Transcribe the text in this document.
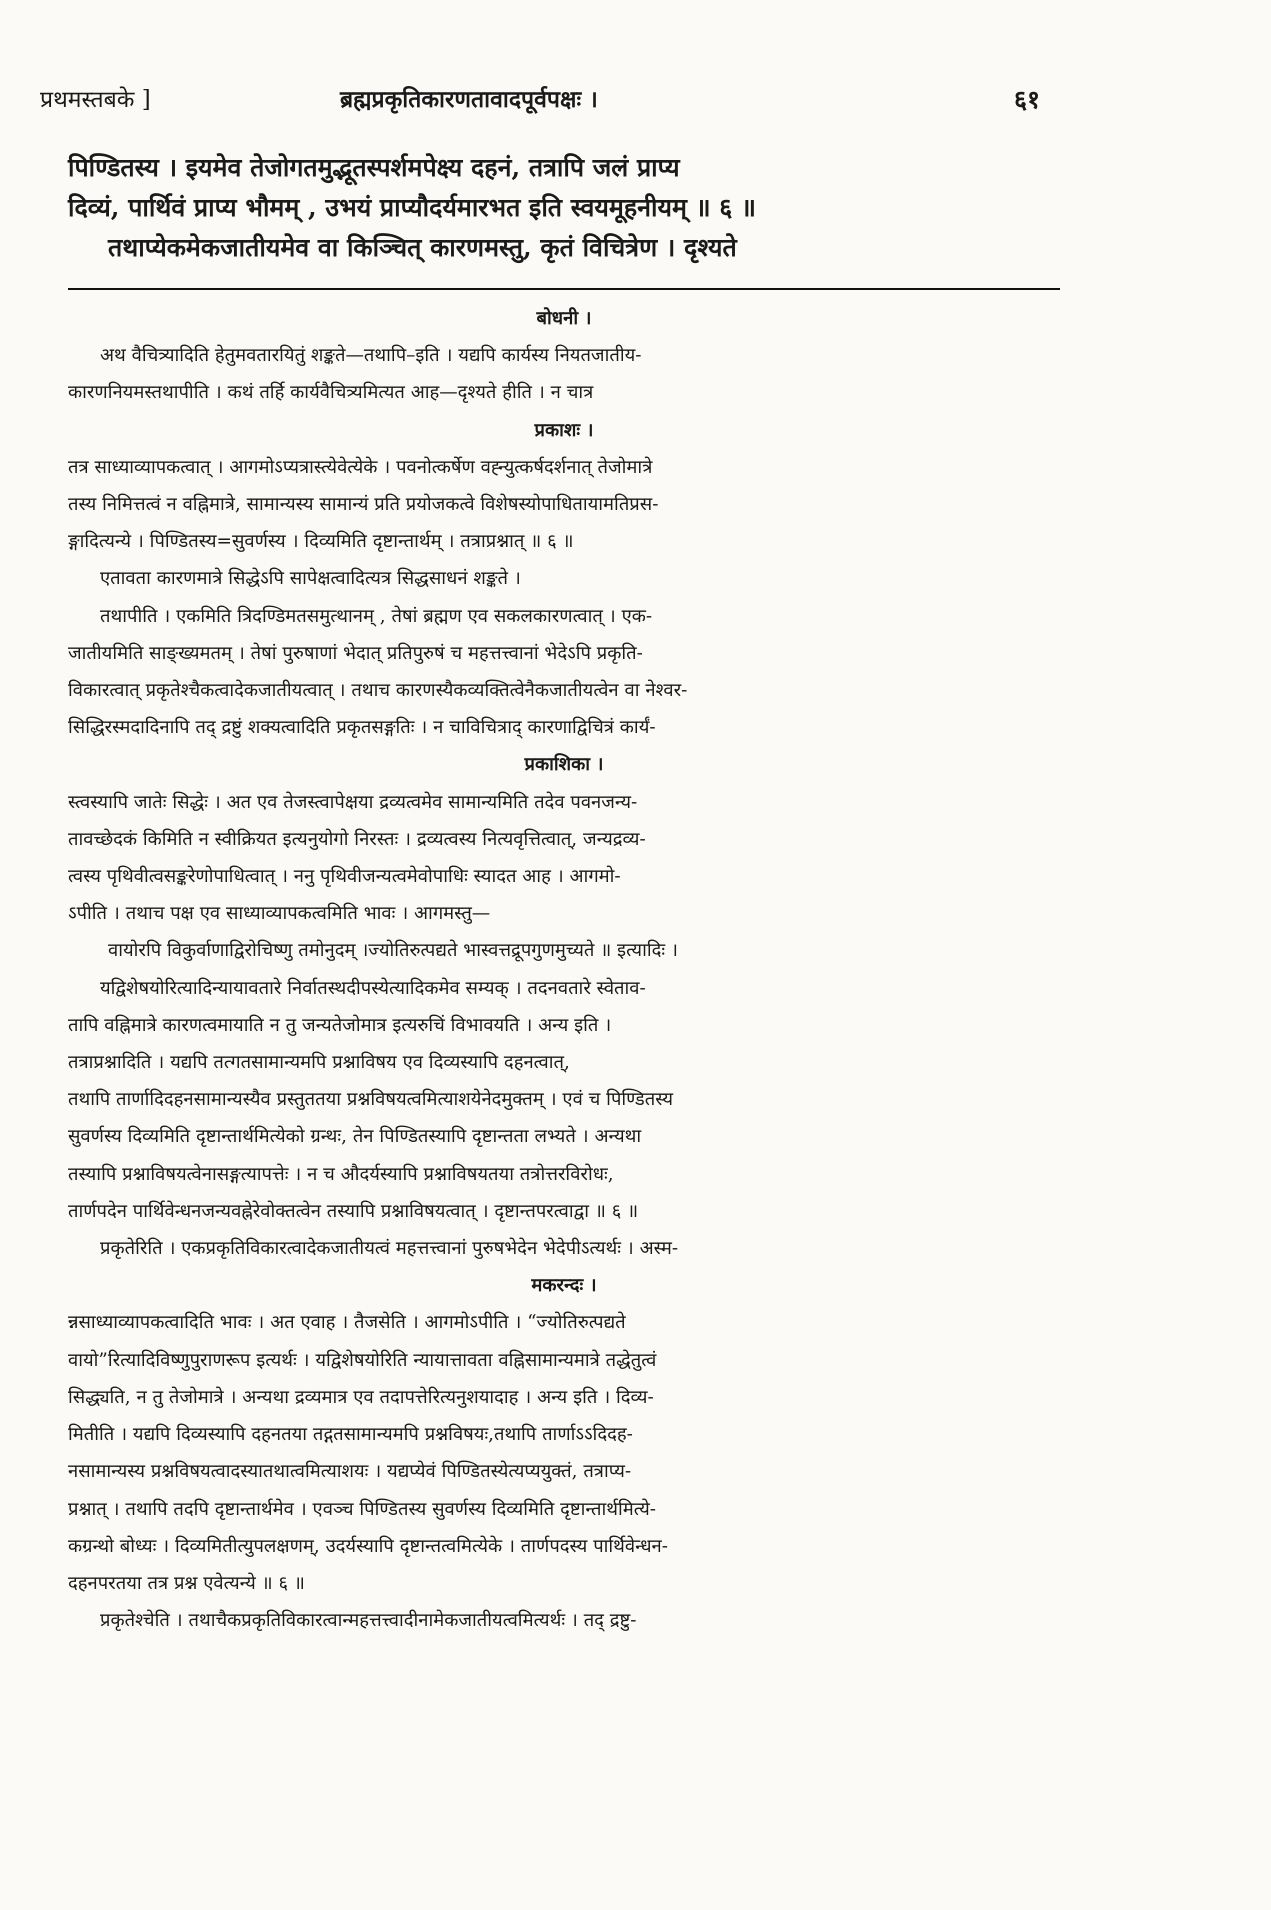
प्रथमस्तबके ]	ब्रह्मप्रकृतिकारणतावादपूर्वपक्षः ।	६१
पिण्डितस्य । इयमेव तेजोगतमुद्भूतस्पर्शमपेक्ष्य दहनं, तत्रापि जलं प्राप्य
दिव्यं, पार्थिवं प्राप्य भौमम् , उभयं प्राप्यौदर्यमारभत इति स्वयमूहनीयम् ॥ ६ ॥
तथाप्येकमेकजातीयमेव वा किञ्चित् कारणमस्तु, कृतं विचित्रेण । दृश्यते
बोधनी ।
अथ वैचित्र्यादिति हेतुमवतारयितुं शङ्कते—तथापि–इति । यद्यपि कार्यस्य नियतजातीय-
कारणनियमस्तथापीति । कथं तर्हि कार्यवैचित्र्यमित्यत आह—दृश्यते हीति । न चात्र
प्रकाशः ।
तत्र साध्याव्यापकत्वात् । आगमोऽप्यत्रास्त्येवेत्येके । पवनोत्कर्षेण वह्न्युत्कर्षदर्शनात् तेजोमात्रे
तस्य निमित्तत्वं न वह्निमात्रे, सामान्यस्य सामान्यं प्रति प्रयोजकत्वे विशेषस्योपाधितायामतिप्रस-
ङ्गादित्यन्ये । पिण्डितस्य=सुवर्णस्य । दिव्यमिति दृष्टान्तार्थम् । तत्राप्रश्नात् ॥ ६ ॥
एतावता कारणमात्रे सिद्धेऽपि सापेक्षत्वादित्यत्र सिद्धसाधनं शङ्कते ।
तथापीति । एकमिति त्रिदण्डिमतसमुत्थानम् , तेषां ब्रह्मण एव सकलकारणत्वात् । एक-
जातीयमिति साङ्ख्यमतम् । तेषां पुरुषाणां भेदात् प्रतिपुरुषं च महत्तत्त्वानां भेदेऽपि प्रकृति-
विकारत्वात् प्रकृतेश्चैकत्वादेकजातीयत्वात् । तथाच कारणस्यैकव्यक्तित्वेनैकजातीयत्वेन वा नेश्वर-
सिद्धिरस्मदादिनापि तद् द्रष्टुं शक्यत्वादिति प्रकृतसङ्गतिः । न चाविचित्राद् कारणाद्विचित्रं कार्यं-
प्रकाशिका ।
स्त्वस्यापि जातेः सिद्धेः । अत एव तेजस्त्वापेक्षया द्रव्यत्वमेव सामान्यमिति तदेव पवनजन्य-
तावच्छेदकं किमिति न स्वीक्रियत इत्यनुयोगो निरस्तः । द्रव्यत्वस्य नित्यवृत्तित्वात्, जन्यद्रव्य-
त्वस्य पृथिवीत्वसङ्करेणोपाधित्वात् । ननु पृथिवीजन्यत्वमेवोपाधिः स्यादत आह । आगमो-
ऽपीति । तथाच पक्ष एव साध्याव्यापकत्वमिति भावः । आगमस्तु—
वायोरपि विकुर्वाणाद्विरोचिष्णु तमोनुदम् ।ज्योतिरुत्पद्यते भास्वत्तद्रूपगुणमुच्यते ॥ इत्यादिः ।
यद्विशेषयोरित्यादिन्यायावतारे निर्वातस्थदीपस्येत्यादिकमेव सम्यक् । तदनवतारे स्वेताव-
तापि वह्निमात्रे कारणत्वमायाति न तु जन्यतेजोमात्र इत्यरुचिं विभावयति । अन्य इति ।
तत्राप्रश्नादिति । यद्यपि तत्गतसामान्यमपि प्रश्नाविषय एव दिव्यस्यापि दहनत्वात्,
तथापि तार्णादिदहनसामान्यस्यैव प्रस्तुततया प्रश्नविषयत्वमित्याशयेनेदमुक्तम् । एवं च पिण्डितस्य
सुवर्णस्य दिव्यमिति दृष्टान्तार्थमित्येको ग्रन्थः, तेन पिण्डितस्यापि दृष्टान्तता लभ्यते । अन्यथा
तस्यापि प्रश्नाविषयत्वेनासङ्गत्यापत्तेः । न च औदर्यस्यापि प्रश्नाविषयतया तत्रोत्तरविरोधः,
तार्णपदेन पार्थिवेन्धनजन्यवह्नेरेवोक्तत्वेन तस्यापि प्रश्नाविषयत्वात् । दृष्टान्तपरत्वाद्वा ॥ ६ ॥
प्रकृतेरिति । एकप्रकृतिविकारत्वादेकजातीयत्वं महत्तत्त्वानां पुरुषभेदेन भेदेपीऽत्यर्थः । अस्म-
मकरन्दः ।
न्नसाध्याव्यापकत्वादिति भावः । अत एवाह । तैजसेति । आगमोऽपीति । “ज्योतिरुत्पद्यते
वायो”रित्यादिविष्णुपुराणरूप इत्यर्थः । यद्विशेषयोरिति न्यायात्तावता वह्निसामान्यमात्रे तद्धेतुत्वं
सिद्ध्यति, न तु तेजोमात्रे । अन्यथा द्रव्यमात्र एव तदापत्तेरित्यनुशयादाह । अन्य इति । दिव्य-
मितीति । यद्यपि दिव्यस्यापि दहनतया तद्गतसामान्यमपि प्रश्नविषयः,तथापि तार्णाऽऽदिदह-
नसामान्यस्य प्रश्नविषयत्वादस्यातथात्वमित्याशयः । यद्यप्येवं पिण्डितस्येत्यप्ययुक्तं, तत्राप्य-
प्रश्नात् । तथापि तदपि दृष्टान्तार्थमेव । एवञ्च पिण्डितस्य सुवर्णस्य दिव्यमिति दृष्टान्तार्थमित्ये-
कग्रन्थो बोध्यः । दिव्यमितीत्युपलक्षणम्, उदर्यस्यापि दृष्टान्तत्वमित्येके । तार्णपदस्य पार्थिवेन्धन-
दहनपरतया तत्र प्रश्न एवेत्यन्ये ॥ ६ ॥
प्रकृतेश्चेति । तथाचैकप्रकृतिविकारत्वान्महत्तत्त्वादीनामेकजातीयत्वमित्यर्थः । तद् द्रष्टु-
